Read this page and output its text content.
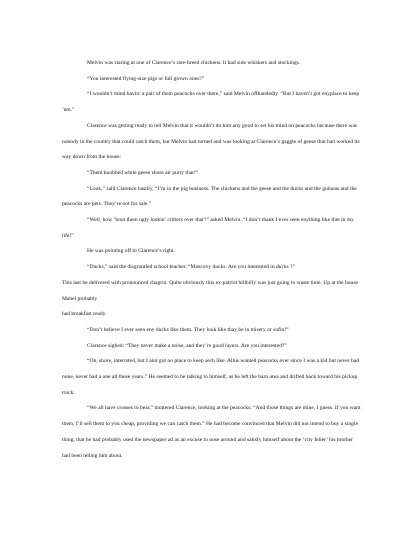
Melvin was staring at one of Clarence’s rare-breed chickens. It had side whiskers and stockings.

“You interested flying-size pigs or full grown ones?”

“I wouldn’t mind havin’ a pair of them peacocks over there,” said Melvin offhandedly. “But I haven’t got enyplace to keep ’em.”

Clarence was getting ready to tell Melvin that it wouldn’t do him any good to set his mind on peacocks because there was nobody in the country that could catch them, but Melvin had turned and was looking at Clarence’s gaggle of geese that had worked its way down from the house:

“Them knobbed white geese shore air purty thar!”

“Look,” said Clarence hastily, “I’m in the pig business. The chickens and the geese and the ducks and the guineas and the peacocks are pets. They’re not for sale.”

“Well, how ’bout them ugly lookin’ critters over thar?” asked Melvin. “I don’t thank I ever seen enything like thet in my life!”

He was pointing off to Clarence’s right.

“Ducks,” said the disgruntled school teacher. “Muscovy ducks. Are you interested in ducks ?”

This last he delivered with pronounced chagrin. Quite obviously this ex-patriot hillbilly was just going to waste time. Up at the house Mabel probably

had breakfast ready.

“Don’t believe I ever seen eny ducks like them. They look like thay be in misery or sufin!”

Clarence sighed: “They never make a noise, and they’re good layers. Are you interested?”

“Oh, shore, interrsted, but I aint got no place to keep sech like. Allus wanted peacocks ever since I was a kid but never had none, never had a one all these years.” He seemed to be talking to himself, as he left the barn area and drifted back toward his pickup truck.

“We all have crosses to bear,” muttered Clarence, looking at the peacocks. “And those things are mine, I guess. If you want them, I’ll sell them to you cheap, providing we can catch them.” He had become convinced that Melvin did not intend to buy a single thing, that he had probably used the newspaper ad as an excuse to nose around and satisfy himself about the ‘city feller’ his brother had been telling him about.
